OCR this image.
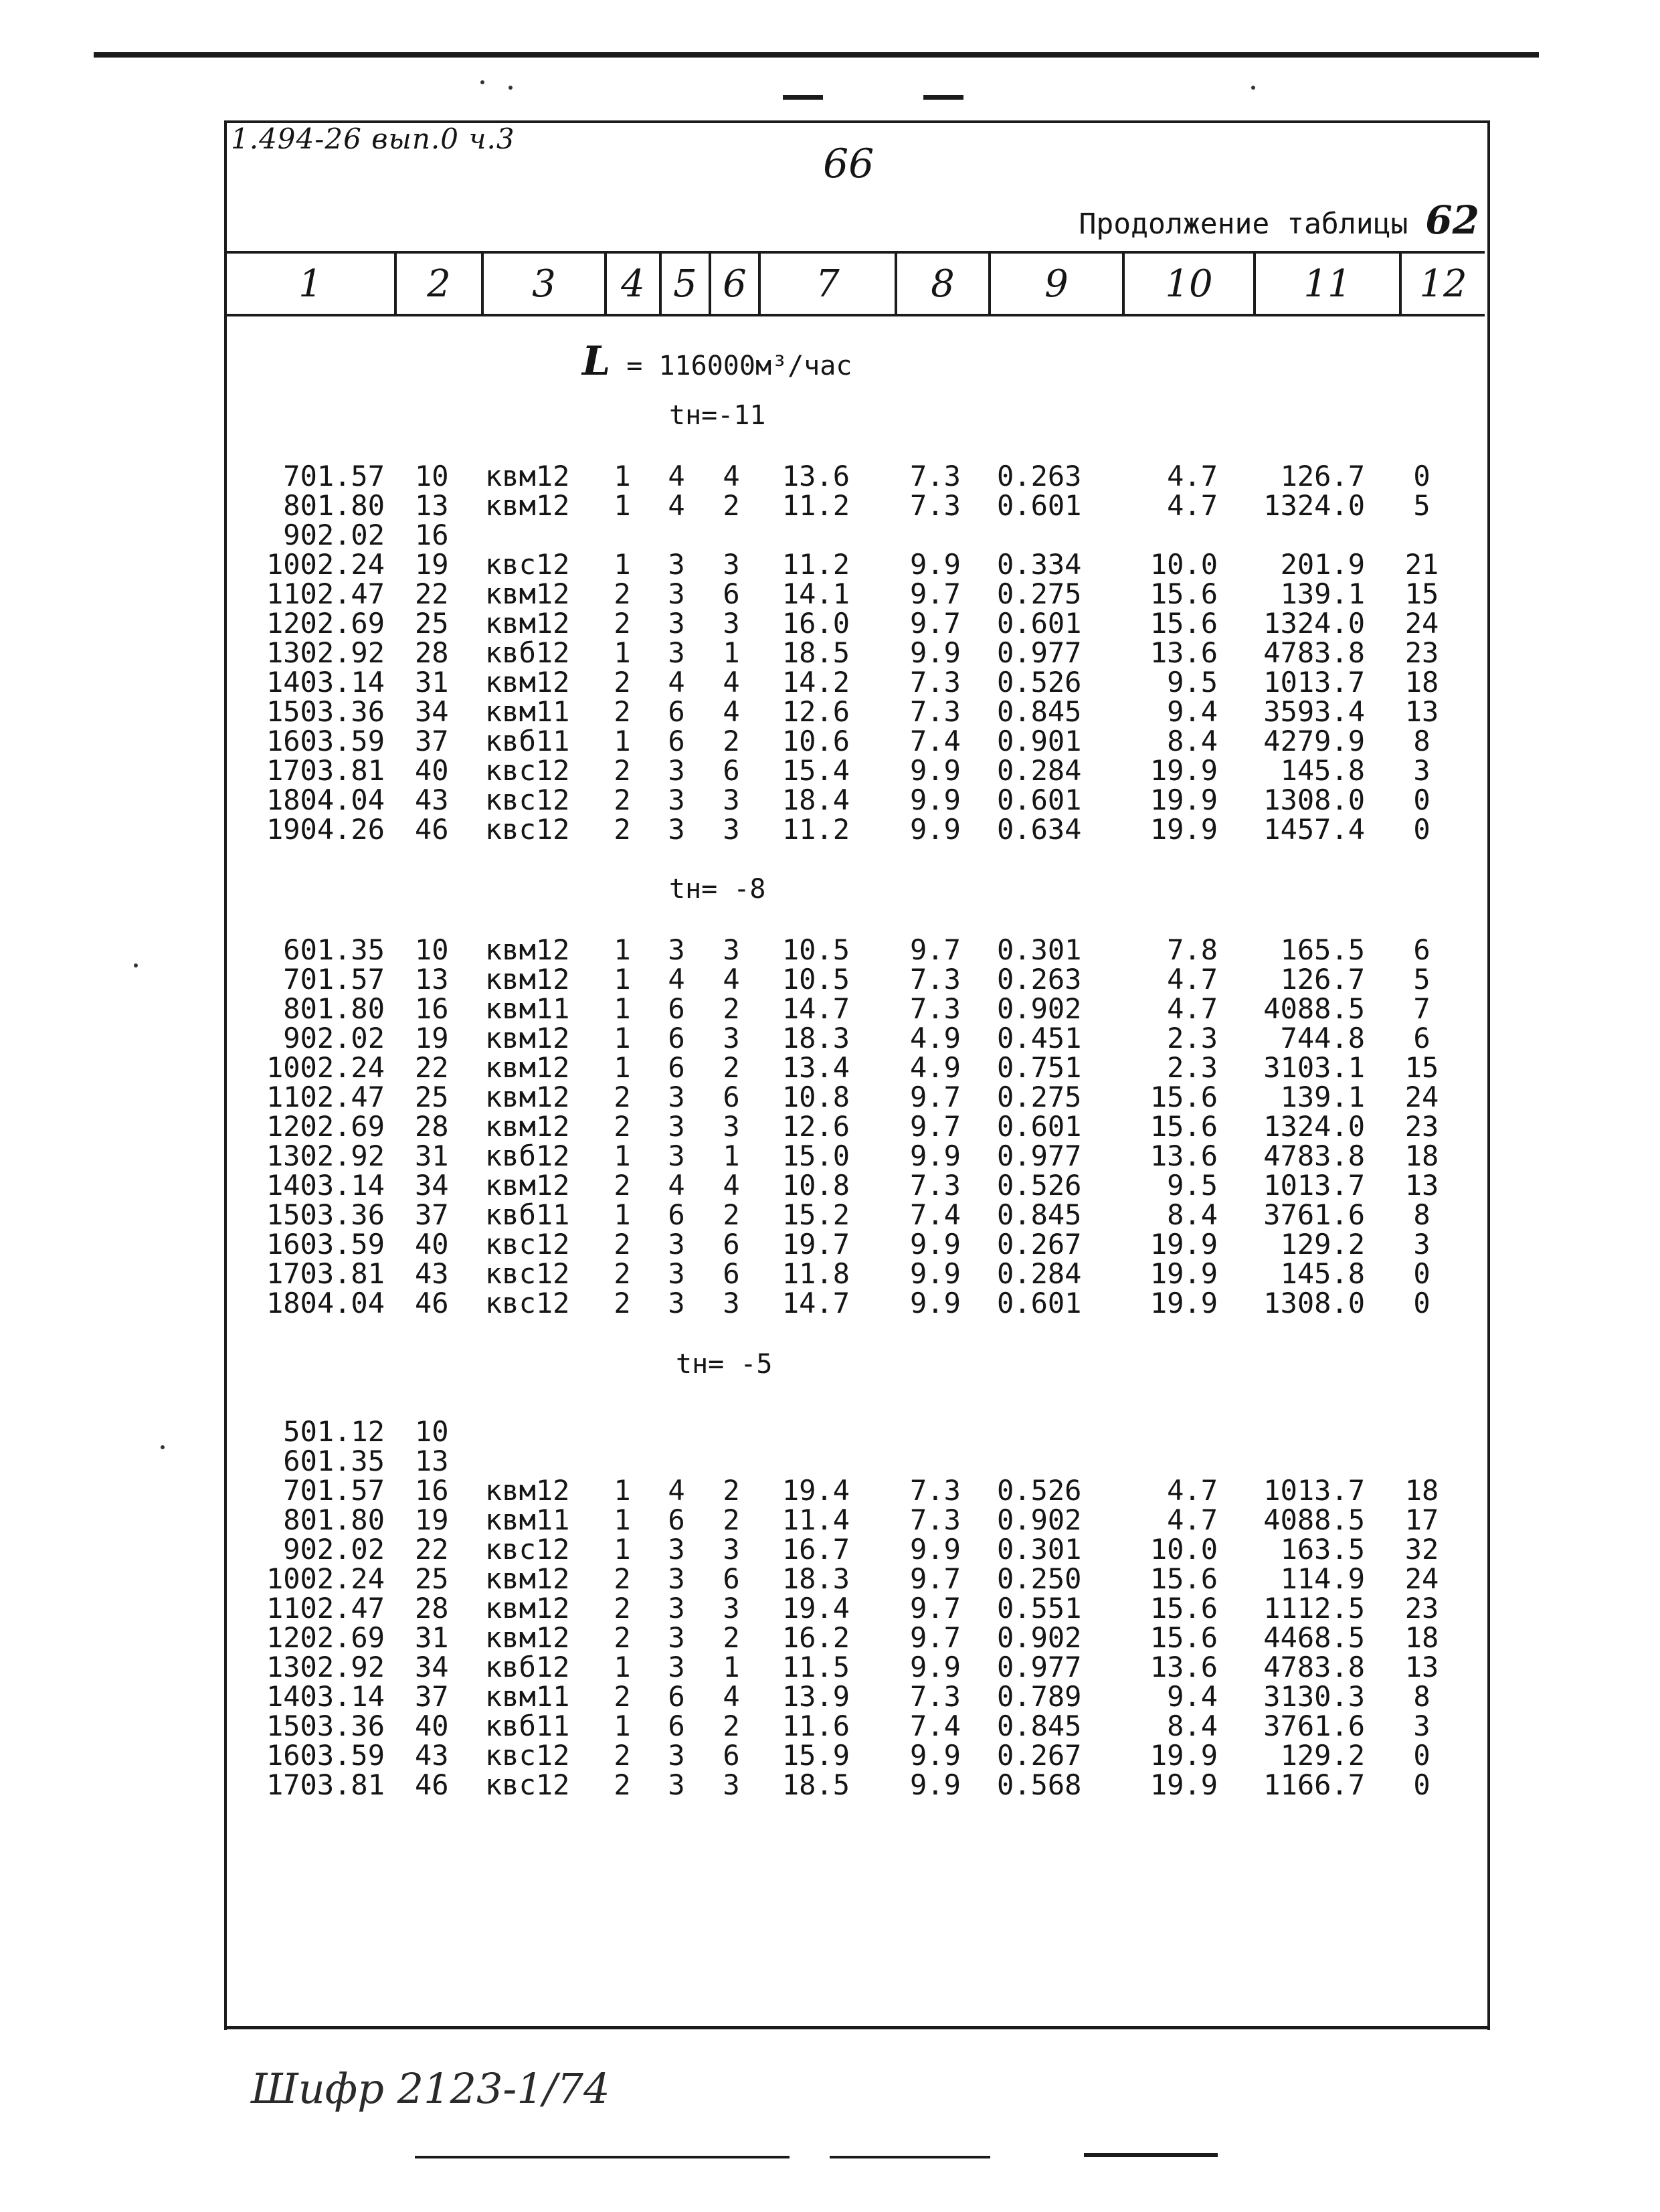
1.494-26 вып.0 ч.3
66
Продолжение таблицы 62
1	2	3	4 5 6	7	8	9	10	11	12
L = 116000м³/час
tн=-11
tн= -8
tн= -5
701.57 10	квм12 1 4 4	13.6 7.3 0.263	4.7	126.7	0
801.80 13	квм12 1 4 2	11.2 7.3 0.601	4.7	1324.0	5
902.02 16
1002.24 19	квс12 1 3 3	11.2 9.9 0.334	10.0	201.9 21
1102.47 22	квм12 2 3 6	14.1 9.7 0.275	15.6	139.1 15
1202.69 25	квм12 2 3 3	16.0 9.7 0.601	15.6	1324.0 24
1302.92 28	квб12 1 3 1	18.5 9.9 0.977	13.6	4783.8 23
1403.14 31	квм12 2 4 4	14.2 7.3 0.526	9.5	1013.7 18
1503.36 34	квм11 2 6 4	12.6 7.3 0.845	9.4	3593.4 13
1603.59 37	квб11 1 6 2	10.6 7.4 0.901	8.4	4279.9	8
1703.81 40	квс12 2 3 6	15.4 9.9 0.284	19.9	145.8	3
1804.04 43	квс12 2 3 3	18.4 9.9 0.601	19.9	1308.0	0
1904.26 46	квс12 2 3 3	11.2 9.9 0.634	19.9	1457.4	0
601.35 10	квм12 1 3 3	10.5 9.7 0.301	7.8	165.5	6
701.57 13	квм12 1 4 4	10.5 7.3 0.263	4.7	126.7	5
801.80 16	квм11 1 6 2	14.7 7.3 0.902	4.7	4088.5	7
902.02 19	квм12 1 6 3	18.3 4.9 0.451	2.3	744.8	6
1002.24 22	квм12 1 6 2	13.4 4.9 0.751	2.3	3103.1 15
1102.47 25	квм12 2 3 6	10.8 9.7 0.275	15.6	139.1 24
1202.69 28	квм12 2 3 3	12.6 9.7 0.601	15.6	1324.0 23
1302.92 31	квб12 1 3 1	15.0 9.9 0.977	13.6	4783.8 18
1403.14 34	квм12 2 4 4	10.8 7.3 0.526	9.5	1013.7 13
1503.36 37	квб11 1 6 2	15.2 7.4 0.845	8.4	3761.6	8
1603.59 40	квс12 2 3 6	19.7 9.9 0.267	19.9	129.2	3
1703.81 43	квс12 2 3 6	11.8 9.9 0.284	19.9	145.8	0
1804.04 46	квс12 2 3 3	14.7 9.9 0.601	19.9	1308.0	0
501.12 10
601.35 13
701.57 16	квм12 1 4 2	19.4 7.3 0.526	4.7	1013.7 18
801.80 19	квм11 1 6 2	11.4 7.3 0.902	4.7	4088.5 17
902.02 22	квс12 1 3 3	16.7 9.9 0.301	10.0	163.5 32
1002.24 25	квм12 2 3 6	18.3 9.7 0.250	15.6	114.9 24
1102.47 28	квм12 2 3 3	19.4 9.7 0.551	15.6	1112.5 23
1202.69 31	квм12 2 3 2	16.2 9.7 0.902	15.6	4468.5 18
1302.92 34	квб12 1 3 1	11.5 9.9 0.977	13.6	4783.8 13
1403.14 37	квм11 2 6 4	13.9 7.3 0.789	9.4	3130.3	8
1503.36 40	квб11 1 6 2	11.6 7.4 0.845	8.4	3761.6	3
1603.59 43	квс12 2 3 6	15.9 9.9 0.267	19.9	129.2	0
1703.81 46	квс12 2 3 3	18.5 9.9 0.568	19.9	1166.7	0
Шифр 2123-1/74
